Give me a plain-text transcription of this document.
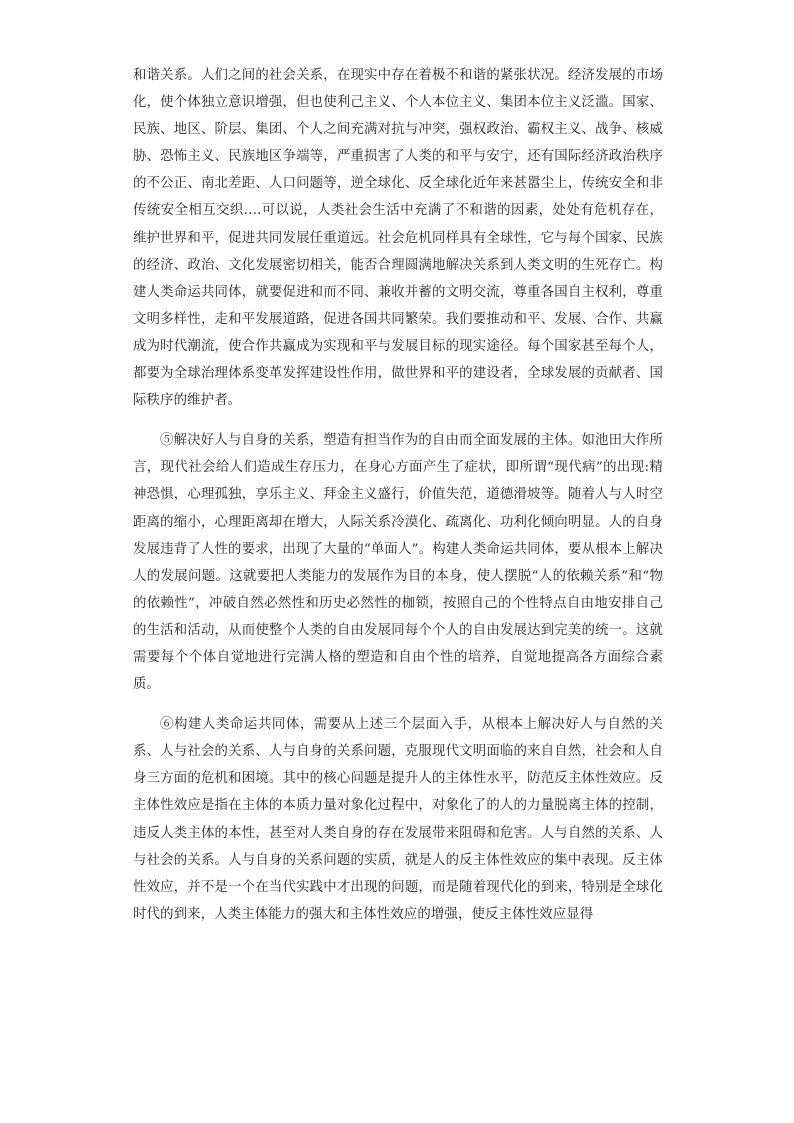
和谐关系。人们之间的社会关系，在现实中存在着极不和谐的紧张状况。经济发展的市场化，使个体独立意识增强，但也使利己主义、个人本位主义、集团本位主义泛滥。国家、民族、地区、阶层、集团、个人之间充满对抗与冲突，强权政治、霸权主义、战争、核威胁、恐怖主义、民族地区争端等，严重损害了人类的和平与安宁，还有国际经济政治秩序的不公正、南北差距、人口问题等，逆全球化、反全球化近年来甚嚣尘上，传统安全和非传统安全相互交织....可以说，人类社会生活中充满了不和谐的因素，处处有危机存在，维护世界和平，促进共同发展任重道远。社会危机同样具有全球性，它与每个国家、民族的经济、政治、文化发展密切相关，能否合理圆满地解决关系到人类文明的生死存亡。构建人类命运共同体，就要促进和而不同、兼收并蓄的文明交流，尊重各国自主权利，尊重文明多样性，走和平发展道路，促进各国共同繁荣。我们要推动和平、发展、合作、共赢成为时代潮流，使合作共赢成为实现和平与发展目标的现实途径。每个国家甚至每个人，都要为全球治理体系变革发挥建设性作用，做世界和平的建设者，全球发展的贡献者、国际秩序的维护者。

⑤解决好人与自身的关系，塑造有担当作为的自由而全面发展的主体。如池田大作所言，现代社会给人们造成生存压力，在身心方面产生了症状，即所谓“现代病”的出现:精神恐惧，心理孤独，享乐主义、拜金主义盛行，价值失范，道德滑坡等。随着人与人时空距离的缩小，心理距离却在增大，人际关系冷漠化、疏离化、功利化倾向明显。人的自身发展违背了人性的要求，出现了大量的“单面人”。构建人类命运共同体，要从根本上解决人的发展问题。这就要把人类能力的发展作为目的本身，使人摆脱“人的依赖关系”和“物的依赖性”，冲破自然必然性和历史必然性的枷锁，按照自己的个性特点自由地安排自己的生活和活动，从而使整个人类的自由发展同每个个人的自由发展达到完美的统一。这就需要每个个体自觉地进行完满人格的塑造和自由个性的培养，自觉地提高各方面综合素质。

⑥构建人类命运共同体，需要从上述三个层面入手，从根本上解决好人与自然的关系、人与社会的关系、人与自身的关系问题，克服现代文明面临的来自自然，社会和人自身三方面的危机和困境。其中的核心问题是提升人的主体性水平，防范反主体性效应。反主体性效应是指在主体的本质力量对象化过程中，对象化了的人的力量脱离主体的控制，违反人类主体的本性，甚至对人类自身的存在发展带来阻碍和危害。人与自然的关系、人与社会的关系。人与自身的关系问题的实质，就是人的反主体性效应的集中表现。反主体性效应，并不是一个在当代实践中才出现的问题，而是随着现代化的到来，特别是全球化时代的到来，人类主体能力的强大和主体性效应的增强，使反主体性效应显得
